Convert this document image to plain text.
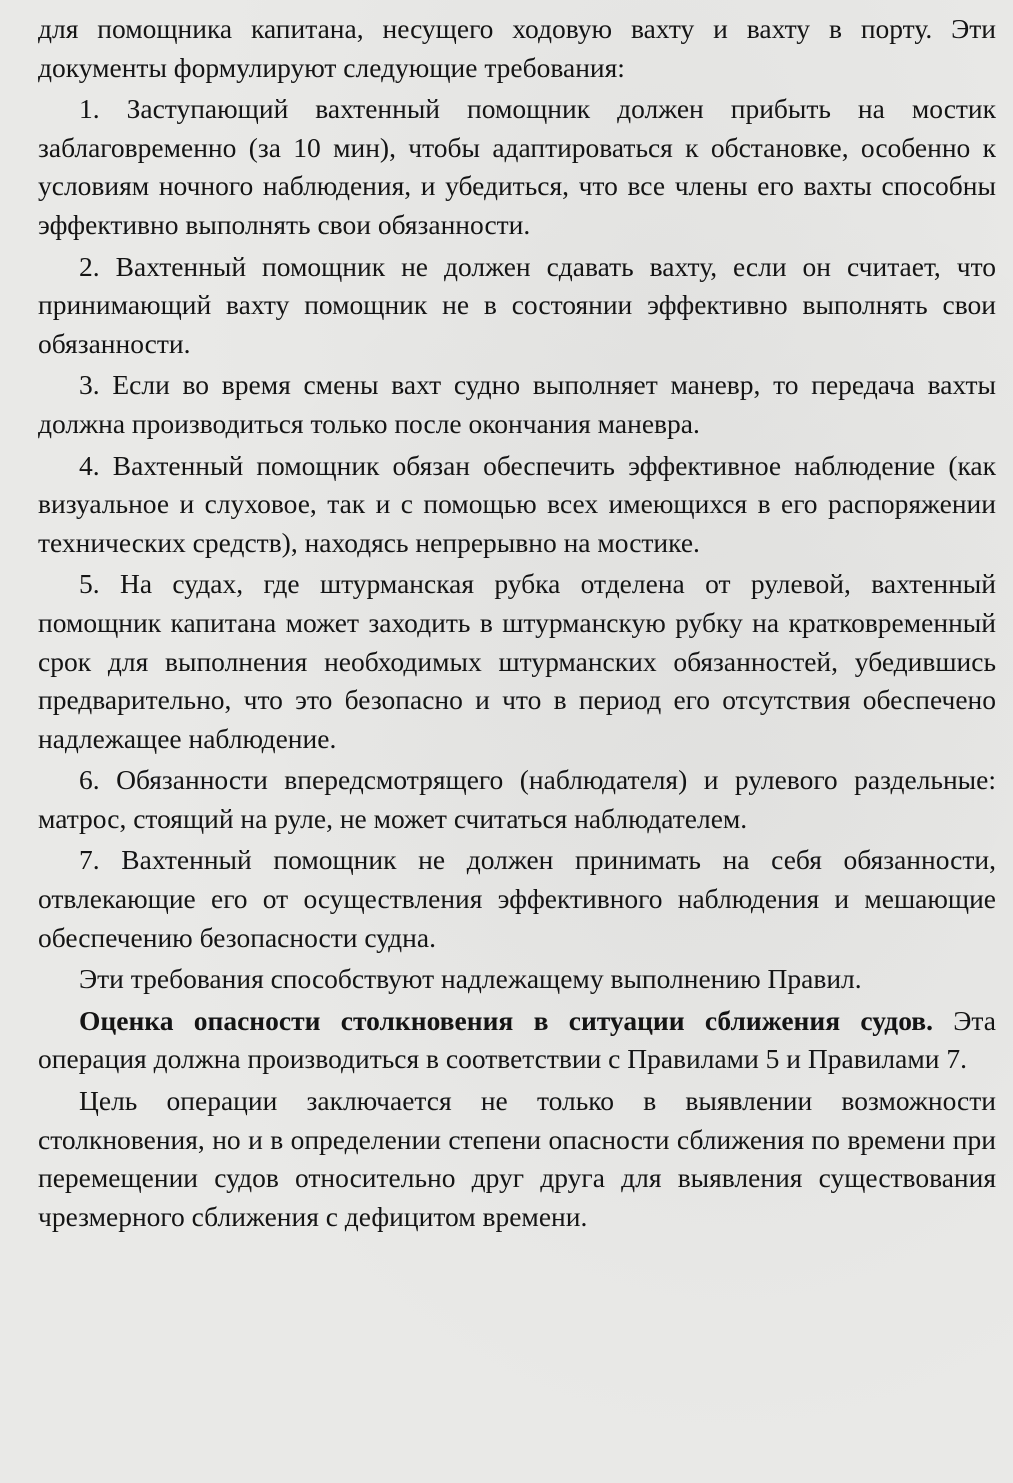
для помощника капитана, несущего ходовую вахту и вахту в порту. Эти документы формулируют следующие требования:

1. Заступающий вахтенный помощник должен прибыть на мостик заблаговременно (за 10 мин), чтобы адаптироваться к обстановке, особенно к условиям ночного наблюдения, и убедиться, что все члены его вахты способны эффективно выполнять свои обязанности.

2. Вахтенный помощник не должен сдавать вахту, если он считает, что принимающий вахту помощник не в состоянии эффективно выполнять свои обязанности.

3. Если во время смены вахт судно выполняет маневр, то передача вахты должна производиться только после окончания маневра.

4. Вахтенный помощник обязан обеспечить эффективное наблюдение (как визуальное и слуховое, так и с помощью всех имеющихся в его распоряжении технических средств), находясь непрерывно на мостике.

5. На судах, где штурманская рубка отделена от рулевой, вахтенный помощник капитана может заходить в штурманскую рубку на кратковременный срок для выполнения необходимых штурманских обязанностей, убедившись предварительно, что это безопасно и что в период его отсутствия обеспечено надлежащее наблюдение.

6. Обязанности впередсмотрящего (наблюдателя) и рулевого раздельные: матрос, стоящий на руле, не может считаться наблюдателем.

7. Вахтенный помощник не должен принимать на себя обязанности, отвлекающие его от осуществления эффективного наблюдения и мешающие обеспечению безопасности судна.

Эти требования способствуют надлежащему выполнению Правил.

Оценка опасности столкновения в ситуации сближения судов. Эта операция должна производиться в соответствии с Правилами 5 и Правилами 7.

Цель операции заключается не только в выявлении возможности столкновения, но и в определении степени опасности сближения по времени при перемещении судов относительно друг друга для выявления существования чрезмерного сближения с дефицитом времени.
